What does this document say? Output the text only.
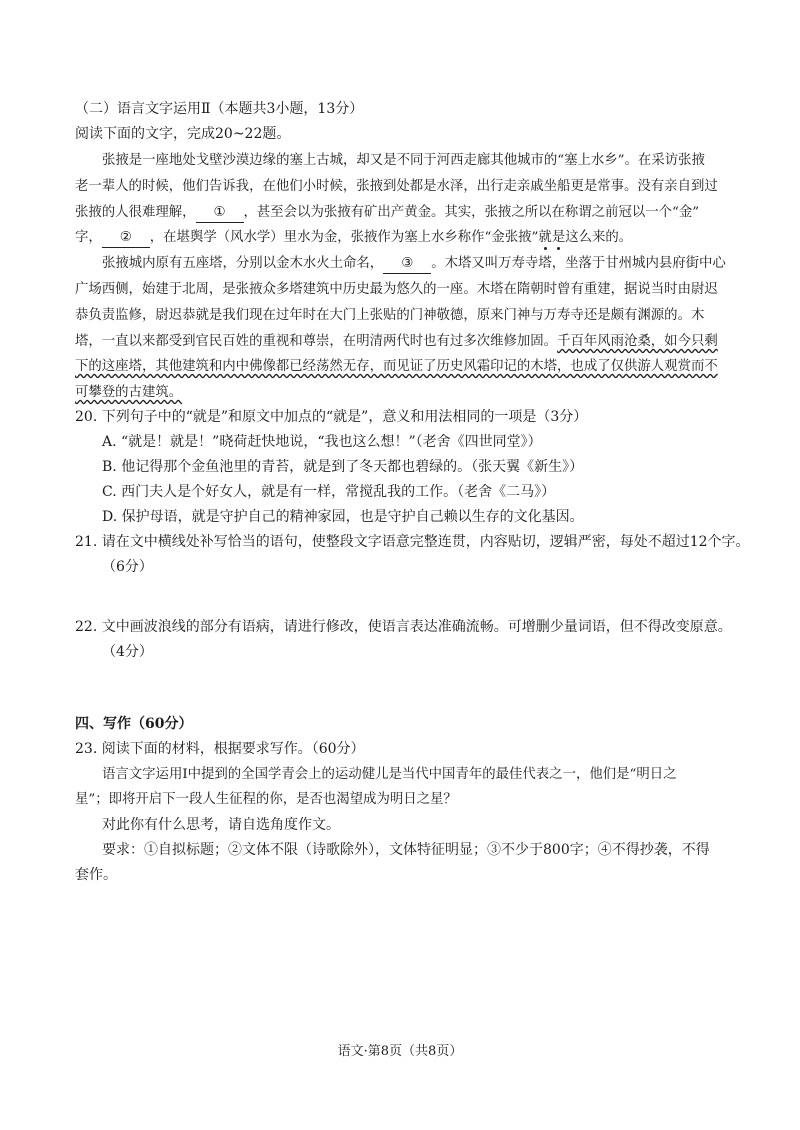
（二）语言文字运用Ⅱ（本题共3小题，13分）
阅读下面的文字，完成20~22题。
张掖是一座地处戈壁沙漠边缘的塞上古城，却又是不同于河西走廊其他城市的“塞上水乡”。在采访张掖
老一辈人的时候，他们告诉我，在他们小时候，张掖到处都是水泽，出行走亲戚坐船更是常事。没有亲自到过
张掖的人很难理解， ① ，甚至会以为张掖有矿出产黄金。其实，张掖之所以在称谓之前冠以一个“金”
字， ② ，在堪舆学（风水学）里水为金，张掖作为塞上水乡称作“金张掖”就是这么来的。
张掖城内原有五座塔，分别以金木水火土命名， ③ 。木塔又叫万寿寺塔，坐落于甘州城内县府街中心
广场西侧，始建于北周，是张掖众多塔建筑中历史最为悠久的一座。木塔在隋朝时曾有重建，据说当时由尉迟
恭负责监修，尉迟恭就是我们现在过年时在大门上张贴的门神敬德，原来门神与万寿寺还是颇有渊源的。木
塔，一直以来都受到官民百姓的重视和尊崇，在明清两代时也有过多次维修加固。千百年风雨沧桑，如今只剩
下的这座塔，其他建筑和内中佛像都已经荡然无存，而见证了历史风霜印记的木塔，也成了仅供游人观赏而不
可攀登的古建筑。
20. 下列句子中的“就是”和原文中加点的“就是”，意义和用法相同的一项是（3分）
A. “就是！就是！”晓荷赶快地说，“我也这么想！”（老舍《四世同堂》）
B. 他记得那个金鱼池里的青苔，就是到了冬天都也碧绿的。（张天翼《新生》）
C. 西门夫人是个好女人，就是有一样，常搅乱我的工作。（老舍《二马》）
D. 保护母语，就是守护自己的精神家园，也是守护自己赖以生存的文化基因。
21. 请在文中横线处补写恰当的语句，使整段文字语意完整连贯，内容贴切，逻辑严密，每处不超过12个字。
（6分）
22. 文中画波浪线的部分有语病，请进行修改，使语言表达准确流畅。可增删少量词语，但不得改变原意。
（4分）
四、写作（60分）
23. 阅读下面的材料，根据要求写作。（60分）
语言文字运用Ⅰ中提到的全国学青会上的运动健儿是当代中国青年的最佳代表之一，他们是“明日之
星”；即将开启下一段人生征程的你，是否也渴望成为明日之星？
对此你有什么思考，请自选角度作文。
要求：①自拟标题；②文体不限（诗歌除外），文体特征明显；③不少于800字；④不得抄袭，不得
套作。
语文·第8页（共8页）
